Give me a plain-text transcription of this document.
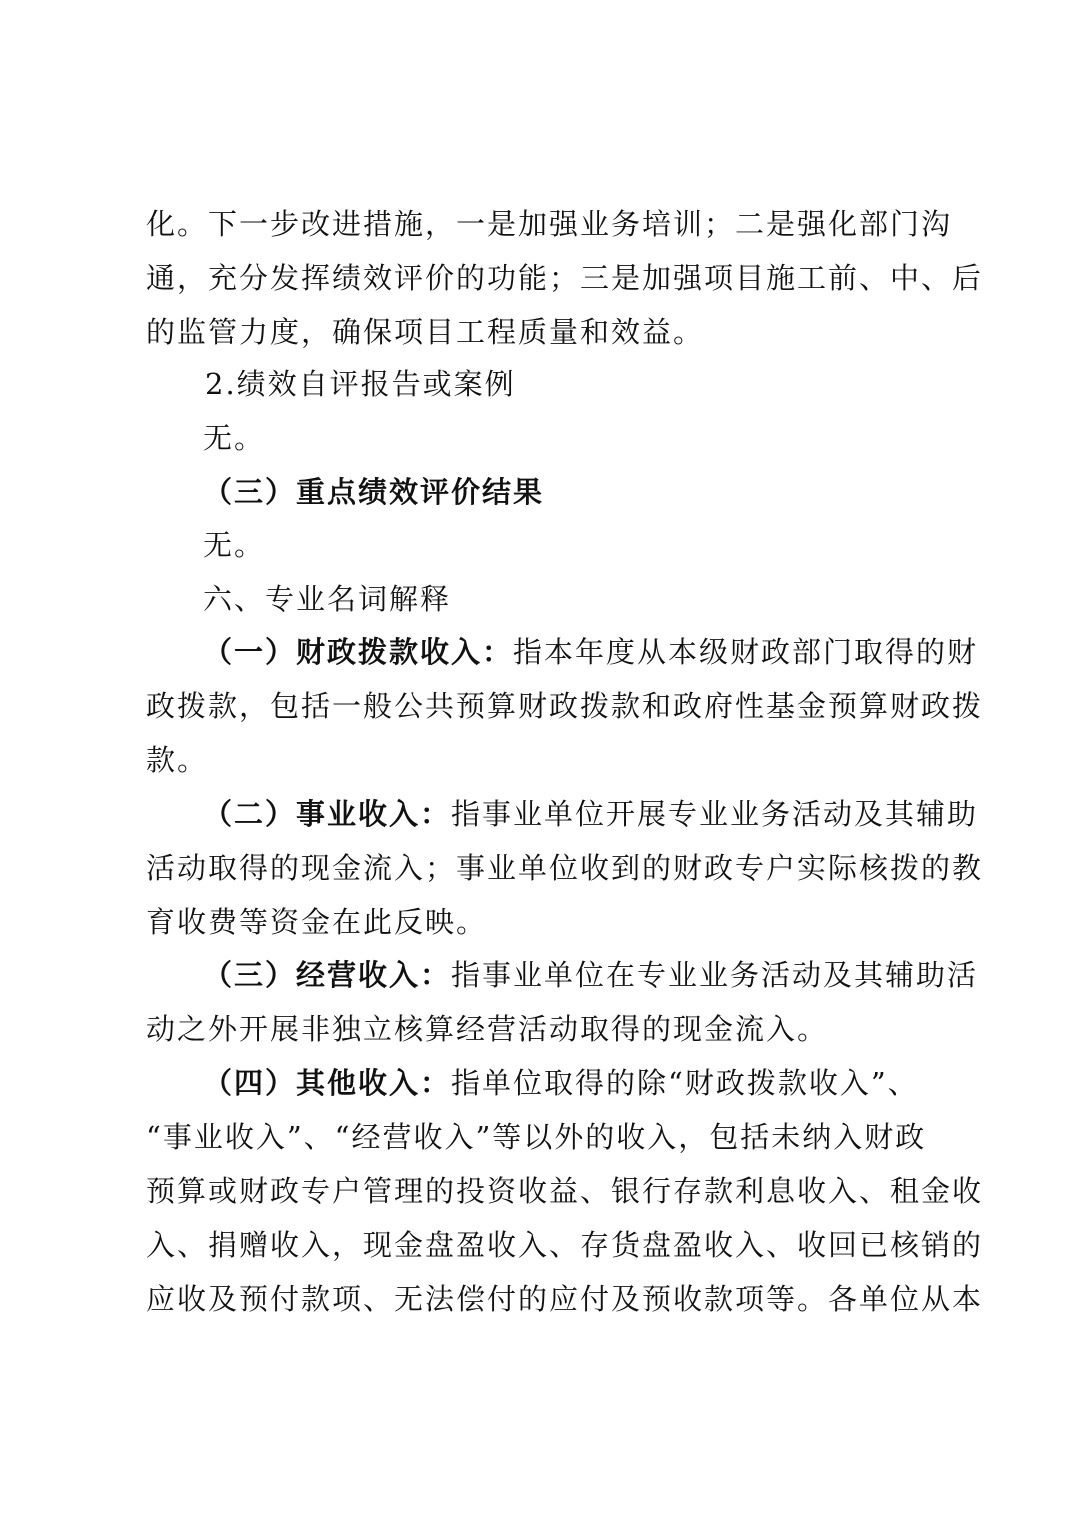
化。下一步改进措施，一是加强业务培训；二是强化部门沟
通，充分发挥绩效评价的功能；三是加强项目施工前、中、后
的监管力度，确保项目工程质量和效益。
2.绩效自评报告或案例
无。
（三）重点绩效评价结果
无。
六、专业名词解释
（一）财政拨款收入：指本年度从本级财政部门取得的财
政拨款，包括一般公共预算财政拨款和政府性基金预算财政拨
款。
（二）事业收入：指事业单位开展专业业务活动及其辅助
活动取得的现金流入；事业单位收到的财政专户实际核拨的教
育收费等资金在此反映。
（三）经营收入：指事业单位在专业业务活动及其辅助活
动之外开展非独立核算经营活动取得的现金流入。
（四）其他收入：指单位取得的除“财政拨款收入”、
“事业收入”、“经营收入”等以外的收入，包括未纳入财政
预算或财政专户管理的投资收益、银行存款利息收入、租金收
入、捐赠收入，现金盘盈收入、存货盘盈收入、收回已核销的
应收及预付款项、无法偿付的应付及预收款项等。各单位从本
